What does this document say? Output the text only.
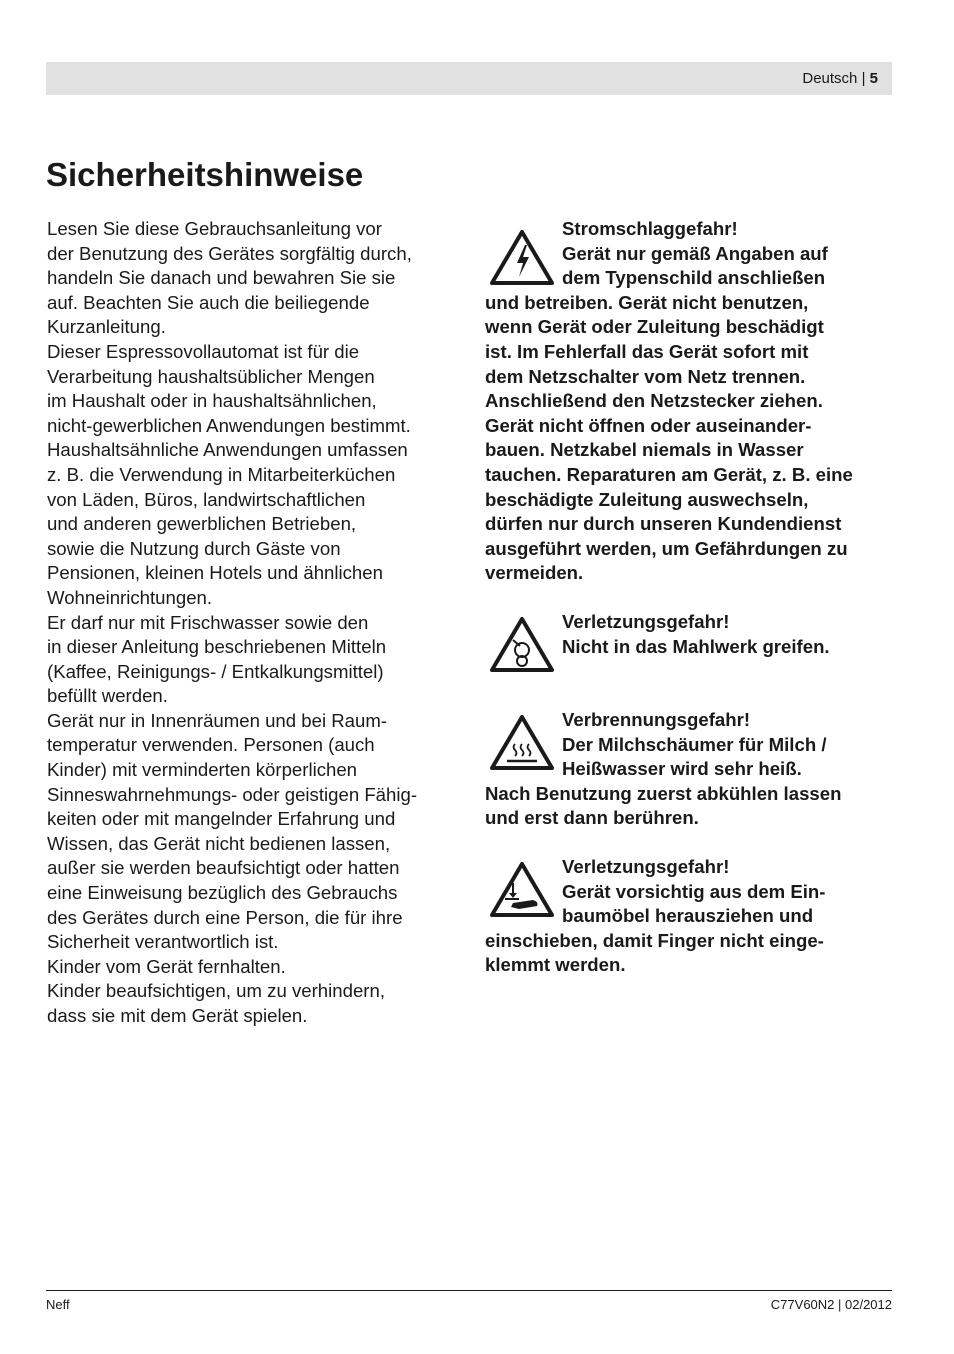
Deutsch | 5
Sicherheitshinweise

Lesen Sie diese Gebrauchsanleitung vor

der Benutzung des Gerätes sorgfältig durch,

handeln Sie danach und bewahren Sie sie

auf. Beachten Sie auch die beiliegende

Kurzanleitung.

Dieser Espressovollautomat ist für die

Verarbeitung haushaltsüblicher Mengen

im Haushalt oder in haushaltsähnlichen,

nicht-gewerblichen Anwendungen bestimmt.

Haushaltsähnliche Anwendungen umfassen

z. B. die Verwendung in Mitarbeiterküchen

von Läden, Büros, landwirtschaftlichen

und anderen gewerblichen Betrieben,

sowie die Nutzung durch Gäste von

Pensionen, kleinen Hotels und ähnlichen

Wohneinrichtungen.

Er darf nur mit Frischwasser sowie den

in dieser Anleitung beschriebenen Mitteln

(Kaffee, Reinigungs- / Entkalkungsmittel)

befüllt werden.

Gerät nur in Innenräumen und bei Raum-

temperatur verwenden. Personen (auch

Kinder) mit verminderten körperlichen

Sinneswahrnehmungs- oder geistigen Fähig-

keiten oder mit mangelnder Erfahrung und

Wissen, das Gerät nicht bedienen lassen,

außer sie werden beaufsichtigt oder hatten

eine Einweisung bezüglich des Gebrauchs

des Gerätes durch eine Person, die für ihre

Sicherheit verantwortlich ist.

Kinder vom Gerät fernhalten.

Kinder beaufsichtigen, um zu verhindern,

dass sie mit dem Gerät spielen.

Stromschlaggefahr!
Gerät nur gemäß Angaben auf
dem Typenschild anschließen
und betreiben. Gerät nicht benutzen,
wenn Gerät oder Zuleitung beschädigt
ist. Im Fehlerfall das Gerät sofort mit
dem Netzschalter vom Netz trennen.
Anschließend den Netzstecker ziehen.
Gerät nicht öffnen oder auseinander-
bauen. Netzkabel niemals in Wasser
tauchen. Reparaturen am Gerät, z. B. eine
beschädigte Zuleitung auswechseln,
dürfen nur durch unseren Kundendienst
ausgeführt werden, um Gefährdungen zu
vermeiden.
Verletzungsgefahr!
Nicht in das Mahlwerk greifen.
Verbrennungsgefahr!
Der Milchschäumer für Milch /
Heißwasser wird sehr heiß.
Nach Benutzung zuerst abkühlen lassen
und erst dann berühren.
Verletzungsgefahr!
Gerät vorsichtig aus dem Ein-
baumöbel herausziehen und
einschieben, damit Finger nicht einge-
klemmt werden.
Neff	C77V60N2 | 02/2012
